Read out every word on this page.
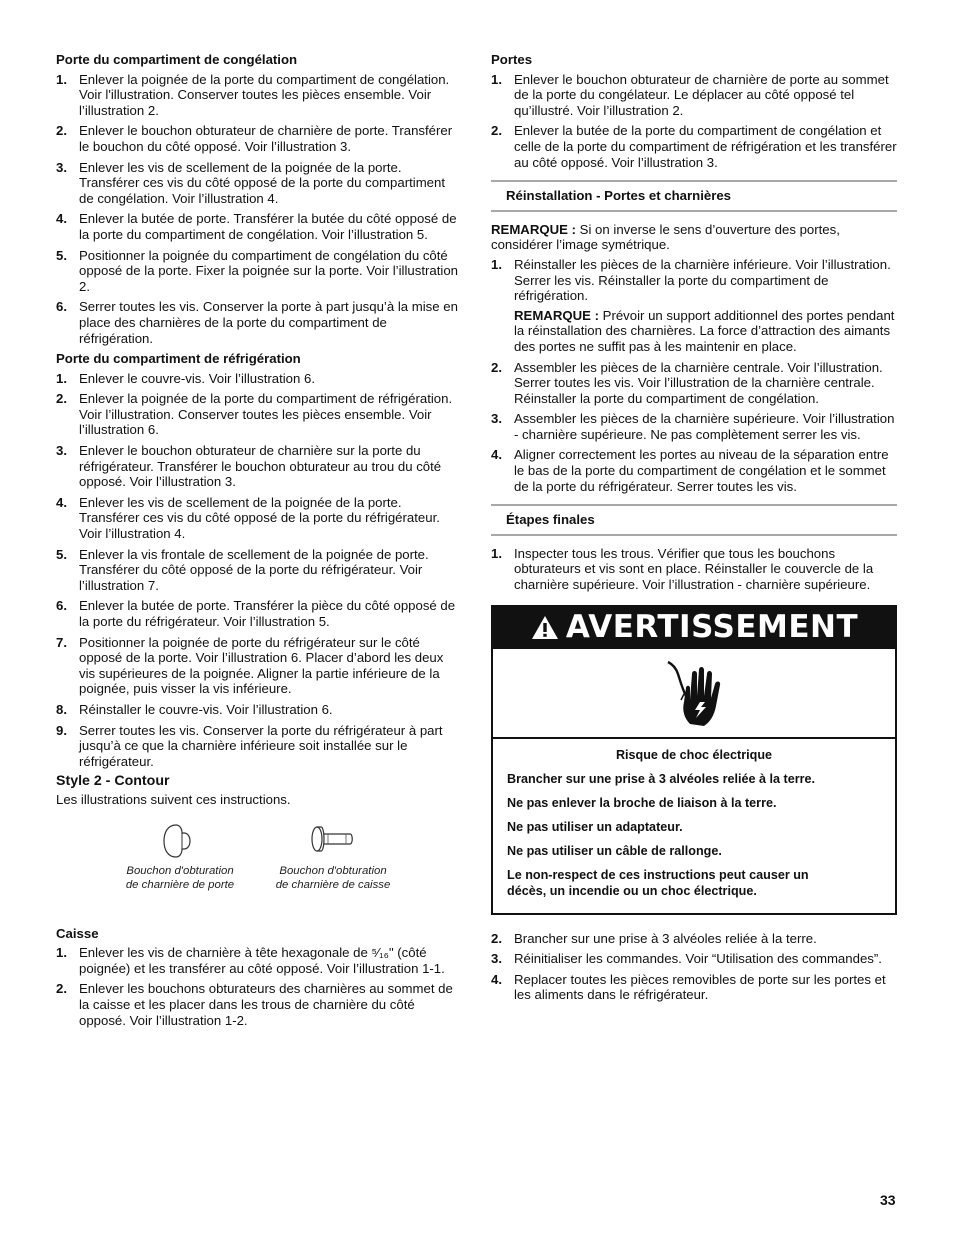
Porte du compartiment de congélation
1. Enlever la poignée de la porte du compartiment de congélation. Voir l'illustration. Conserver toutes les pièces ensemble. Voir l’illustration 2.
2. Enlever le bouchon obturateur de charnière de porte. Transférer le bouchon du côté opposé. Voir l’illustration 3.
3. Enlever les vis de scellement de la poignée de la porte. Transférer ces vis du côté opposé de la porte du compartiment de congélation. Voir l’illustration 4.
4. Enlever la butée de porte. Transférer la butée du côté opposé de la porte du compartiment de congélation. Voir l’illustration 5.
5. Positionner la poignée du compartiment de congélation du côté opposé de la porte. Fixer la poignée sur la porte. Voir l’illustration 2.
6. Serrer toutes les vis. Conserver la porte à part jusqu’à la mise en place des charnières de la porte du compartiment de réfrigération.
Porte du compartiment de réfrigération
1. Enlever le couvre-vis. Voir l’illustration 6.
2. Enlever la poignée de la porte du compartiment de réfrigération. Voir l’illustration. Conserver toutes les pièces ensemble. Voir l’illustration 6.
3. Enlever le bouchon obturateur de charnière sur la porte du réfrigérateur. Transférer le bouchon obturateur au trou du côté opposé. Voir l’illustration 3.
4. Enlever les vis de scellement de la poignée de la porte. Transférer ces vis du côté opposé de la porte du réfrigérateur. Voir l’illustration 4.
5. Enlever la vis frontale de scellement de la poignée de porte. Transférer du côté opposé de la porte du réfrigérateur. Voir l’illustration 7.
6. Enlever la butée de porte. Transférer la pièce du côté opposé de la porte du réfrigérateur. Voir l’illustration 5.
7. Positionner la poignée de porte du réfrigérateur sur le côté opposé de la porte. Voir l’illustration 6. Placer d’abord les deux vis supérieures de la poignée. Aligner la partie inférieure de la poignée, puis visser la vis inférieure.
8. Réinstaller le couvre-vis. Voir l’illustration 6.
9. Serrer toutes les vis. Conserver la porte du réfrigérateur à part jusqu’à ce que la charnière inférieure soit installée sur le réfrigérateur.
Style 2 - Contour
Les illustrations suivent ces instructions.
Bouchon d'obturation
de charnière de porte
Bouchon d'obturation
de charnière de caisse
Caisse
1. Enlever les vis de charnière à tête hexagonale de ⁵⁄₁₆" (côté poignée) et les transférer au côté opposé. Voir l’illustration 1-1.
2. Enlever les bouchons obturateurs des charnières au sommet de la caisse et les placer dans les trous de charnière du côté opposé. Voir l’illustration 1-2.
Portes
1. Enlever le bouchon obturateur de charnière de porte au sommet de la porte du congélateur. Le déplacer au côté opposé tel qu’illustré. Voir l’illustration 2.
2. Enlever la butée de la porte du compartiment de congélation et celle de la porte du compartiment de réfrigération et les transférer au côté opposé. Voir l’illustration 3.
Réinstallation - Portes et charnières
REMARQUE : Si on inverse le sens d’ouverture des portes, considérer l’image symétrique.
1. Réinstaller les pièces de la charnière inférieure. Voir l’illustration. Serrer les vis. Réinstaller la porte du compartiment de réfrigération.
REMARQUE : Prévoir un support additionnel des portes pendant la réinstallation des charnières. La force d’attraction des aimants des portes ne suffit pas à les maintenir en place.
2. Assembler les pièces de la charnière centrale. Voir l’illustration. Serrer toutes les vis. Voir l’illustration de la charnière centrale. Réinstaller la porte du compartiment de congélation.
3. Assembler les pièces de la charnière supérieure. Voir l’illustration - charnière supérieure. Ne pas complètement serrer les vis.
4. Aligner correctement les portes au niveau de la séparation entre le bas de la porte du compartiment de congélation et le sommet de la porte du réfrigérateur. Serrer toutes les vis.
Étapes finales
1. Inspecter tous les trous. Vérifier que tous les bouchons obturateurs et vis sont en place. Réinstaller le couvercle de la charnière supérieure. Voir l’illustration - charnière supérieure.
AVERTISSEMENT

Risque de choc électrique

Brancher sur une prise à 3 alvéoles reliée à la terre.

Ne pas enlever la broche de liaison à la terre.

Ne pas utiliser un adaptateur.

Ne pas utiliser un câble de rallonge.

Le non-respect de ces instructions peut causer un décès, un incendie ou un choc électrique.

2. Brancher sur une prise à 3 alvéoles reliée à la terre.
3. Réinitialiser les commandes. Voir “Utilisation des commandes”.
4. Replacer toutes les pièces removibles de porte sur les portes et les aliments dans le réfrigérateur.
33
